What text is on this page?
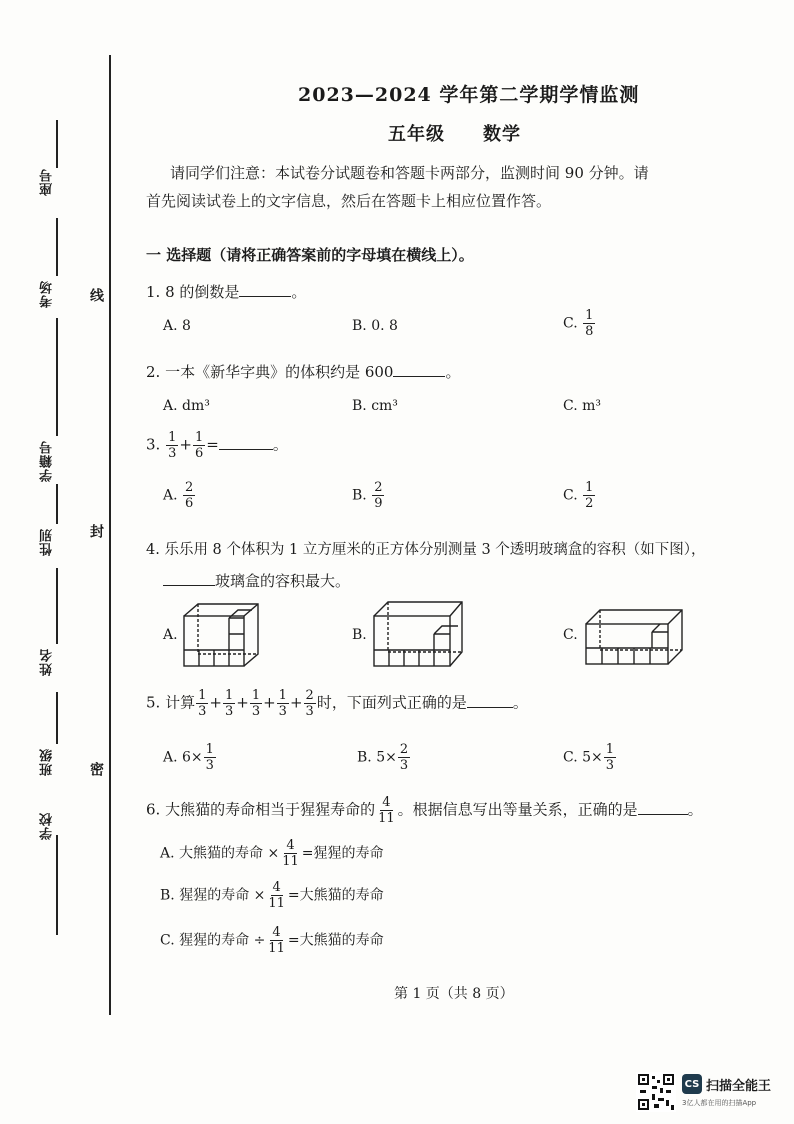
座号
考场
学籍号
性别
姓名
班级
学校
线
封
密
2023—2024 学年第二学期学情监测
五年级 数学
请同学们注意：本试卷分试题卷和答题卡两部分，监测时间 90 分钟。请
首先阅读试卷上的文字信息，然后在答题卡上相应位置作答。
一 选择题（请将正确答案前的字母填在横线上）。
1. 8 的倒数是	。
A. 8	B. 0. 8	C. $\frac{1}{8}$
2. 一本《新华字典》的体积约是 600	。
A. dm³	B. cm³	C. m³
3. $\frac{1}{3} + \frac{1}{6}$ =	。
A. $\frac{2}{6}$	B. $\frac{2}{9}$	C. $\frac{1}{2}$
4. 乐乐用 8 个体积为 1 立方厘米的正方体分别测量 3 个透明玻璃盒的容积（如下图），
玻璃盒的容积最大。
A.	B.	C.
5. 计算 $\frac{1}{3} + \frac{1}{3} + \frac{1}{3} + \frac{1}{3} + \frac{2}{3}$ 时，下面列式正确的是	。
A. $6\times \frac{1}{3}$	B. $5\times \frac{2}{3}$	C. $5\times \frac{1}{3}$
6. 大熊猫的寿命相当于猩猩寿命的 $\frac{4}{11}$ 。根据信息写出等量关系，正确的是	。
A. 大熊猫的寿命 × $\frac{4}{11}$ =猩猩的寿命
B. 猩猩的寿命 × $\frac{4}{11}$ =大熊猫的寿命
C. 猩猩的寿命 ÷ $\frac{4}{11}$ =大熊猫的寿命
第 1 页（共 8 页）
CS 扫描全能王
3亿人都在用的扫描App
